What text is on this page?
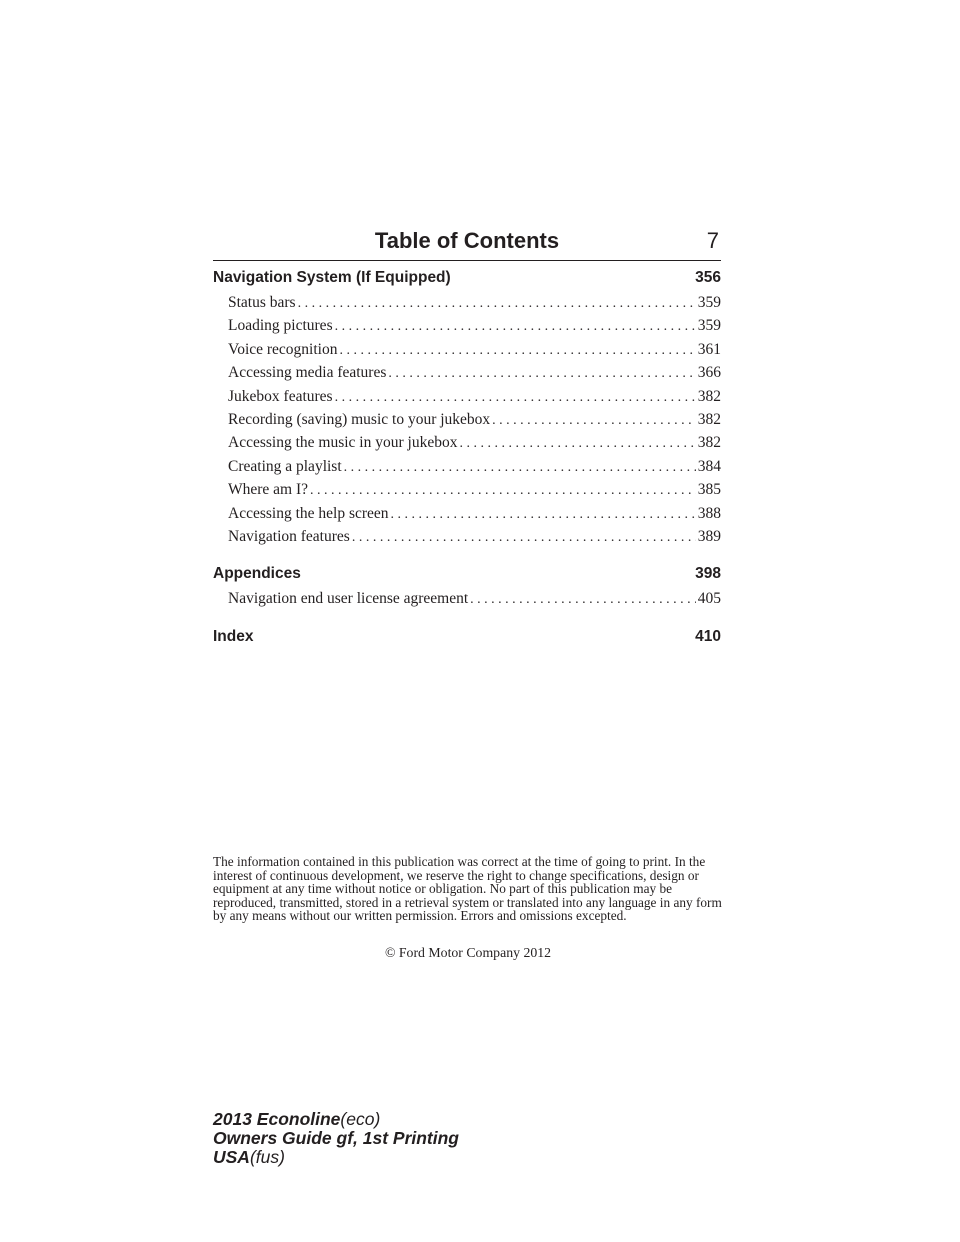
Table of Contents	7
Navigation System (If Equipped)	356
Status bars . . .	359
Loading pictures . . .	359
Voice recognition . . .	361
Accessing media features . . .	366
Jukebox features . . .	382
Recording (saving) music to your jukebox . . .	382
Accessing the music in your jukebox . . .	382
Creating a playlist . . .	384
Where am I? . . .	385
Accessing the help screen . . .	388
Navigation features . . .	389
Appendices	398
Navigation end user license agreement . . .	405
Index	410
The information contained in this publication was correct at the time of going to print. In the interest of continuous development, we reserve the right to change specifications, design or equipment at any time without notice or obligation. No part of this publication may be reproduced, transmitted, stored in a retrieval system or translated into any language in any form by any means without our written permission. Errors and omissions excepted.
© Ford Motor Company 2012
2013 Econoline(eco)
Owners Guide gf, 1st Printing
USA(fus)
